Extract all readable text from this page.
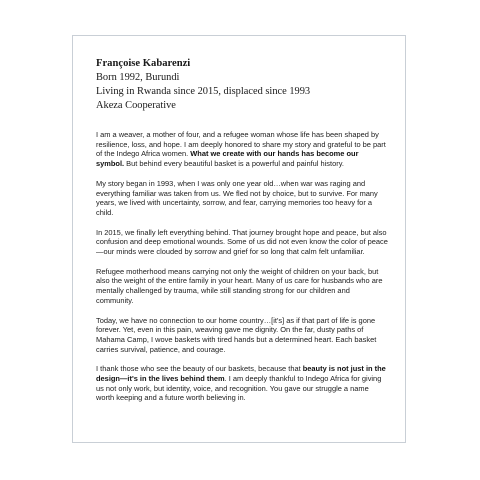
Françoise Kabarenzi

Born 1992, Burundi

Living in Rwanda since 2015, displaced since 1993

Akeza Cooperative

I am a weaver, a mother of four, and a refugee woman whose life has been shaped by resilience, loss, and hope. I am deeply honored to share my story and grateful to be part of the Indego Africa women. What we create with our hands has become our symbol. But behind every beautiful basket is a powerful and painful history.

My story began in 1993, when I was only one year old…when war was raging and everything familiar was taken from us. We fled not by choice, but to survive. For many years, we lived with uncertainty, sorrow, and fear, carrying memories too heavy for a child.

In 2015, we finally left everything behind. That journey brought hope and peace, but also confusion and deep emotional wounds. Some of us did not even know the color of peace—our minds were clouded by sorrow and grief for so long that calm felt unfamiliar.

Refugee motherhood means carrying not only the weight of children on your back, but also the weight of the entire family in your heart. Many of us care for husbands who are mentally challenged by trauma, while still standing strong for our children and community.

Today, we have no connection to our home country…[it's] as if that part of life is gone forever. Yet, even in this pain, weaving gave me dignity. On the far, dusty paths of Mahama Camp, I wove baskets with tired hands but a determined heart. Each basket carries survival, patience, and courage.

I thank those who see the beauty of our baskets, because that beauty is not just in the design—it's in the lives behind them. I am deeply thankful to Indego Africa for giving us not only work, but identity, voice, and recognition. You gave our struggle a name worth keeping and a future worth believing in.
